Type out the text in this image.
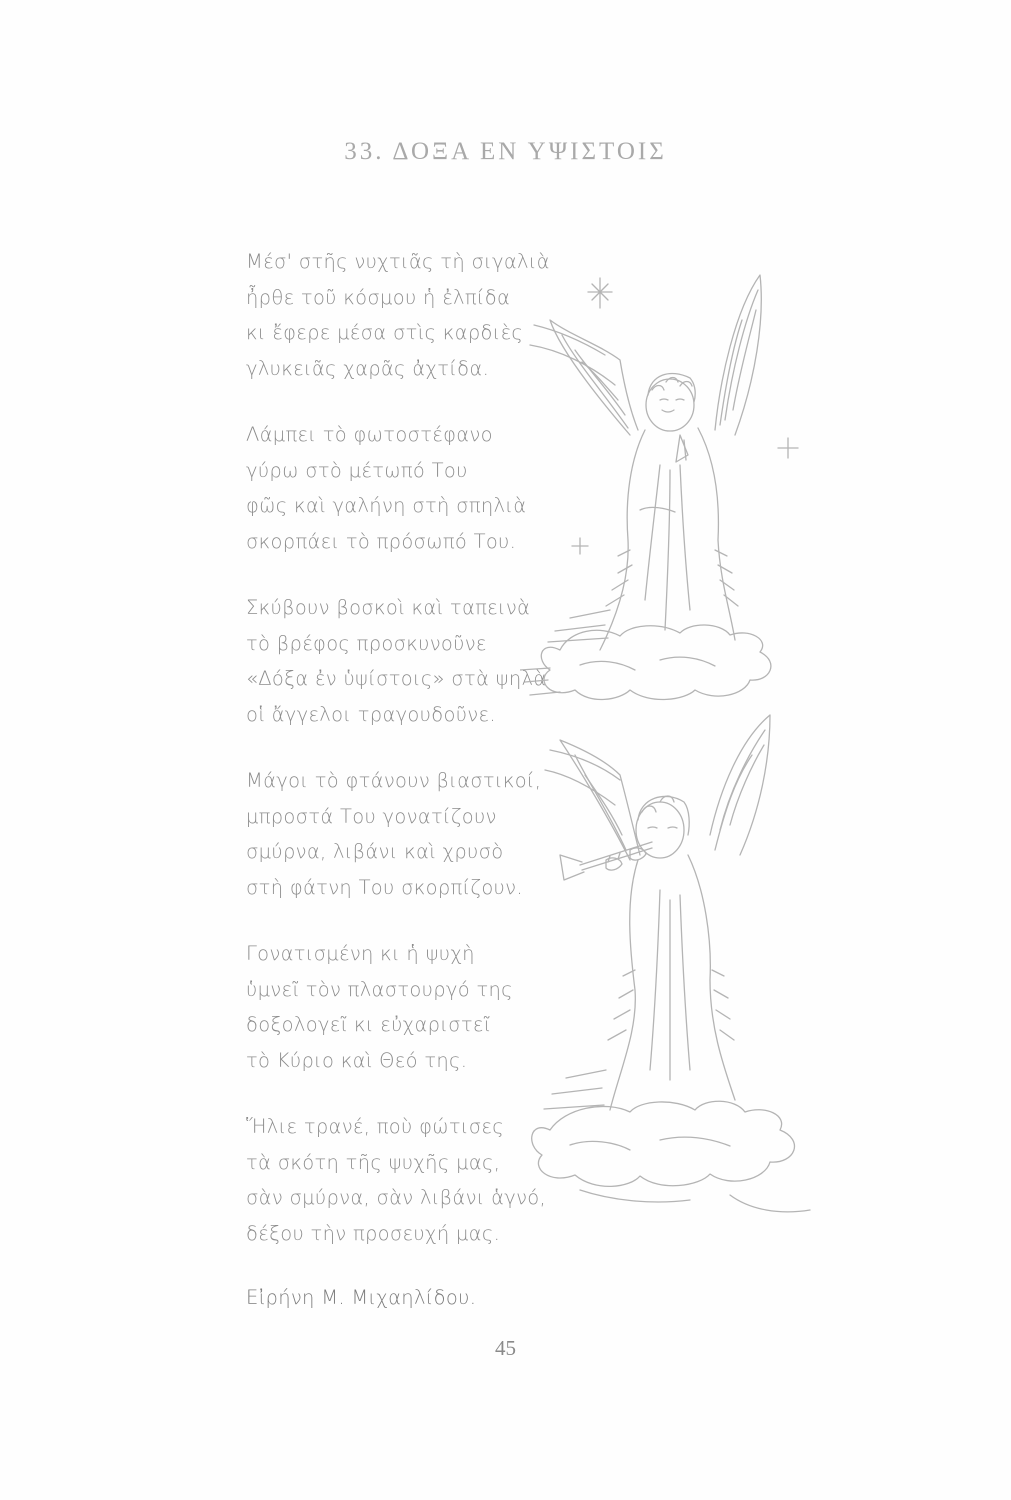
33. ΔΟΞΑ ΕΝ ΥΨΙΣΤΟΙΣ
Μέσ' στῆς νυχτιᾶς τὴ σιγαλιὰ
ἦρθε τοῦ κόσμου ἡ ἐλπίδα
κι ἔφερε μέσα στὶς καρδιὲς
γλυκειᾶς χαρᾶς ἀχτίδα.
Λάμπει τὸ φωτοστέφανο
γύρω στὸ μέτωπό Του
φῶς καὶ γαλήνη στὴ σπηλιὰ
σκορπάει τὸ πρόσωπό Του.
Σκύβουν βοσκοὶ καὶ ταπεινὰ
τὸ βρέφος προσκυνοῦνε
«Δόξα ἐν ὑψίστοις» στὰ ψηλὰ
οἱ ἄγγελοι τραγουδοῦνε.
Μάγοι τὸ φτάνουν βιαστικοί,
μπροστά Του γονατίζουν
σμύρνα, λιβάνι καὶ χρυσὸ
στὴ φάτνη Του σκορπίζουν.
Γονατισμένη κι ἡ ψυχὴ
ὑμνεῖ τὸν πλαστουργό της
δοξολογεῖ κι εὐχαριστεῖ
τὸ Κύριο καὶ Θεό της.
Ἥλιε τρανέ, ποὺ φώτισες
τὰ σκότη τῆς ψυχῆς μας,
σὰν σμύρνα, σὰν λιβάνι ἁγνό,
δέξου τὴν προσευχή μας.
Εἰρήνη Μ. Μιχαηλίδου.
45
